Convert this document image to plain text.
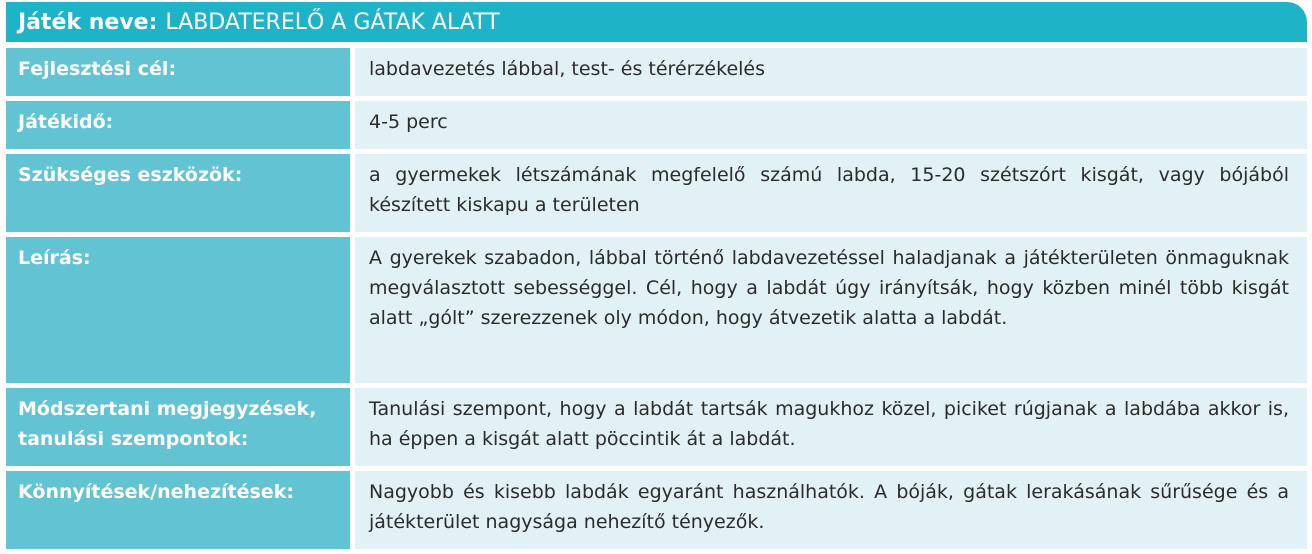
Játék neve: LABDATERELŐ A GÁTAK ALATT
Fejlesztési cél:	labdavezetés lábbal, test- és térérzékelés
Játékidő:	4-5 perc
Szükséges eszközök:	a gyermekek létszámának megfelelő számú labda, 15-20 szétszórt kisgát, vagy bójából készített kiskapu a területen
Leírás:	A gyerekek szabadon, lábbal történő labdavezetéssel haladjanak a játékterületen önmaguknak megválasztott sebességgel. Cél, hogy a labdát úgy irányítsák, hogy közben minél több kisgát alatt „gólt” szerezzenek oly módon, hogy átvezetik alatta a labdát.
Módszertani megjegyzések, tanulási szempontok:	Tanulási szempont, hogy a labdát tartsák magukhoz közel, piciket rúgjanak a labdába akkor is, ha éppen a kisgát alatt pöccintik át a labdát.
Könnyítések/nehezítések:	Nagyobb és kisebb labdák egyaránt használhatók. A bóják, gátak lerakásának sűrűsége és a játékterület nagysága nehezítő tényezők.
